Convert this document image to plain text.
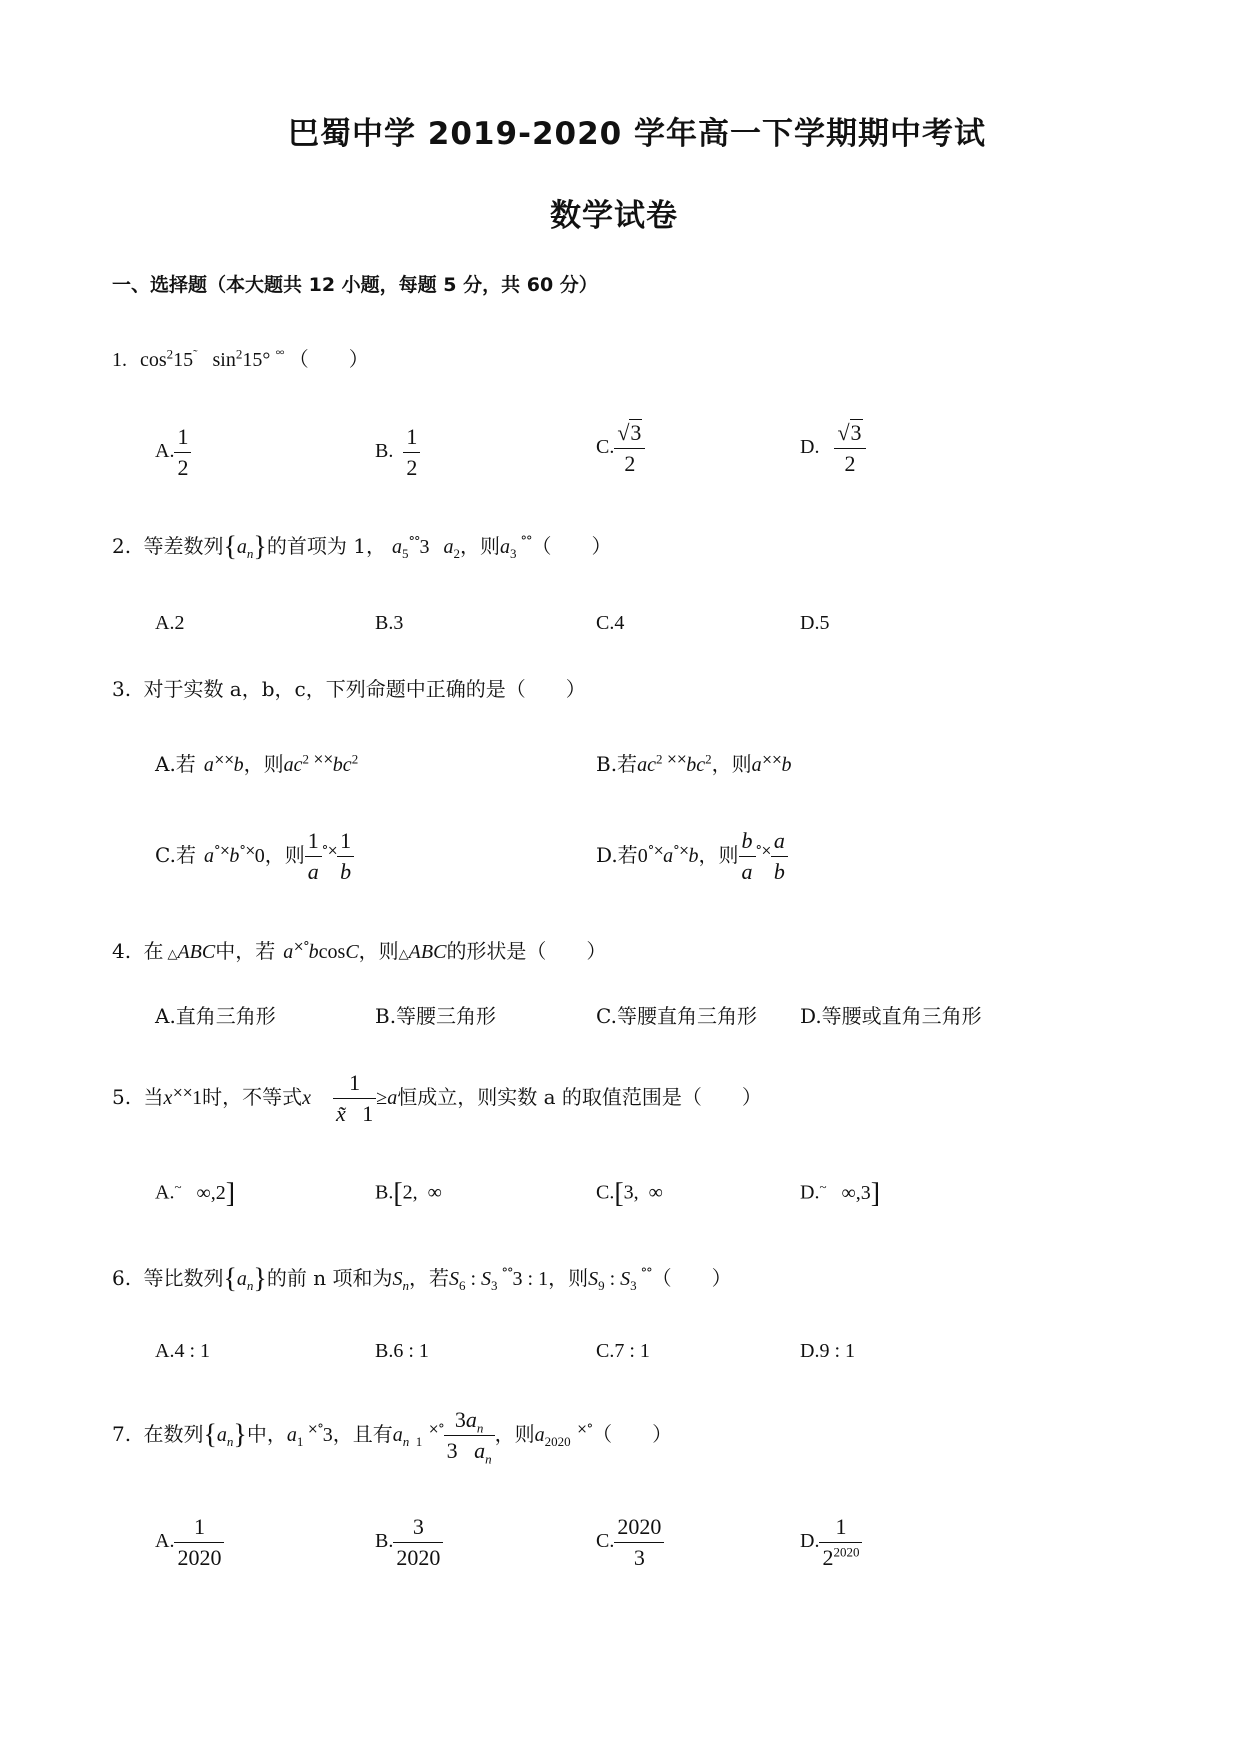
巴蜀中学 2019-2020 学年高一下学期期中考试
数学试卷
一、选择题（本大题共 12 小题，每题 5 分，共 60 分）
1. $\cos^215^˜$ $\sin^215^\circ$ °° （　　）
A. $\frac{1}{2}$	B. $\frac{1}{2}$	C. $\frac{√3}{2}$	D. $\frac{√3}{2}$
2. 等差数列$\{a_n\}$的首项为 1， $a_5^{^\circ^\circ}3$ $a_2$，则$a_3^{^\circ^\circ}$（　　）
A.2	B.3	C.4	D.5
3. 对于实数 a，b，c，下列命题中正确的是（　　）
A.若 a××b，则$ac^2$ $^{\times\times}bc^2$	B.若$ac^2$ $^{\times\times}bc^2$，则a××b
C.若 a°×b°×0，则 $\frac{1}{a} ^{^\circ\times} \frac{1}{b}$	D.若0°×a°×b，则 $\frac{b}{a} ^{^\circ\times} \frac{a}{b}$
4. 在 △ABC中，若 a×°bcosC，则△ABC的形状是（　　）
A.直角三角形	B.等腰三角形	C.等腰直角三角形 D.等腰或直角三角形
5. 当x××1时，不等式x $\frac{1}{x̃ 1} \ge a$恒成立，则实数 a 的取值范围是（　　）
A.~ ∞,2]	B.[2,  ∞	C.[3,  ∞	D.~ ∞,3]
6. 等比数列$\{a_n\}$的前 n 项和为$S_n$，若$S_6$ : $S_3^{^\circ^\circ}3$ : 1，则$S_9$ : $S_3^{^\circ^\circ}$（　　）
A.4 : 1	B.6 : 1	C.7 : 1	D.9 : 1
7. 在数列$\{a_n\}$中，$a_1^{\times^\circ}3$，且有$a_{n 1}^{\times^\circ} \frac{3a_n}{3 a_n}$ ，则$a_{2020}^{\times^\circ}$（　　）
A. $\frac{1}{2020}$	B. $\frac{3}{2020}$	C. $\frac{2020}{3}$	D. $\frac{1}{2^{2020}}$
